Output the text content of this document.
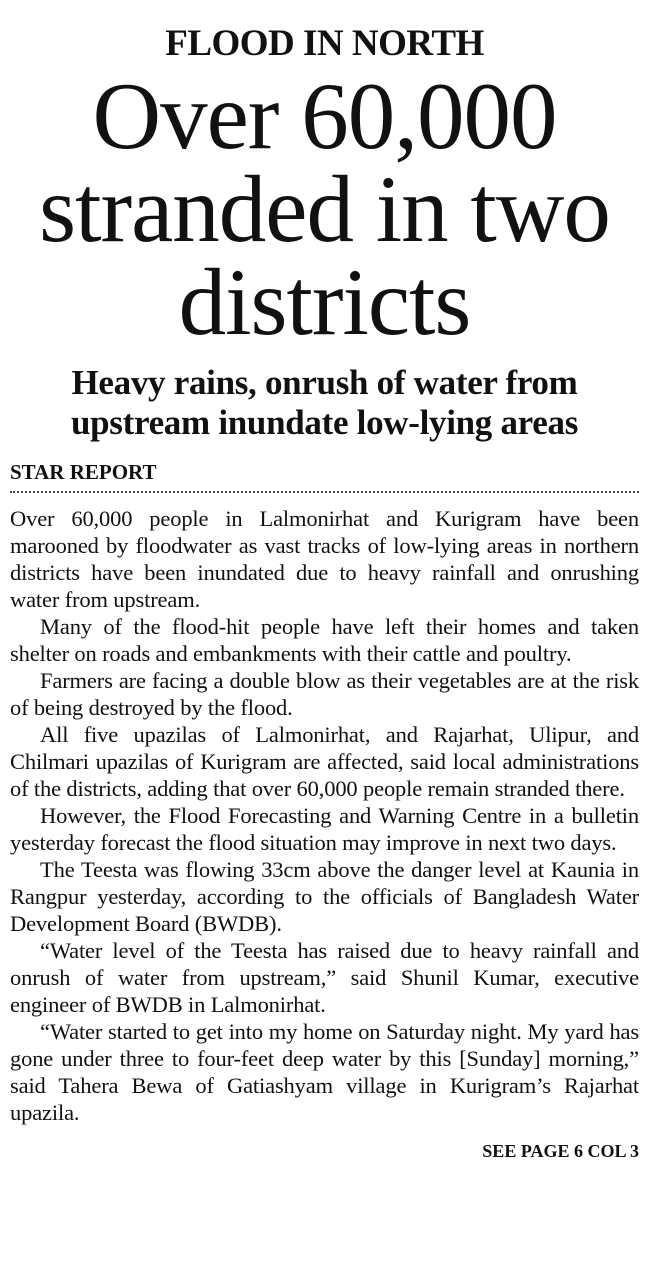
FLOOD IN NORTH
Over 60,000 stranded in two districts
Heavy rains, onrush of water from upstream inundate low-lying areas
STAR REPORT

Over 60,000 people in Lalmonirhat and Kurigram have been marooned by floodwater as vast tracks of low-lying areas in northern districts have been inundated due to heavy rainfall and onrushing water from upstream.

Many of the flood-hit people have left their homes and taken shelter on roads and embankments with their cattle and poultry.

Farmers are facing a double blow as their vegetables are at the risk of being destroyed by the flood.

All five upazilas of Lalmonirhat, and Rajarhat, Ulipur, and Chilmari upazilas of Kurigram are affected, said local administrations of the districts, adding that over 60,000 people remain stranded there.

However, the Flood Forecasting and Warning Centre in a bulletin yesterday forecast the flood situation may improve in next two days.

The Teesta was flowing 33cm above the danger level at Kaunia in Rangpur yesterday, according to the officials of Bangladesh Water Development Board (BWDB).

“Water level of the Teesta has raised due to heavy rainfall and onrush of water from upstream,” said Shunil Kumar, executive engineer of BWDB in Lalmonirhat.

“Water started to get into my home on Saturday night. My yard has gone under three to four-feet deep water by this [Sunday] morning,” said Tahera Bewa of Gatiashyam village in Kurigram’s Rajarhat upazila.

SEE PAGE 6 COL 3
